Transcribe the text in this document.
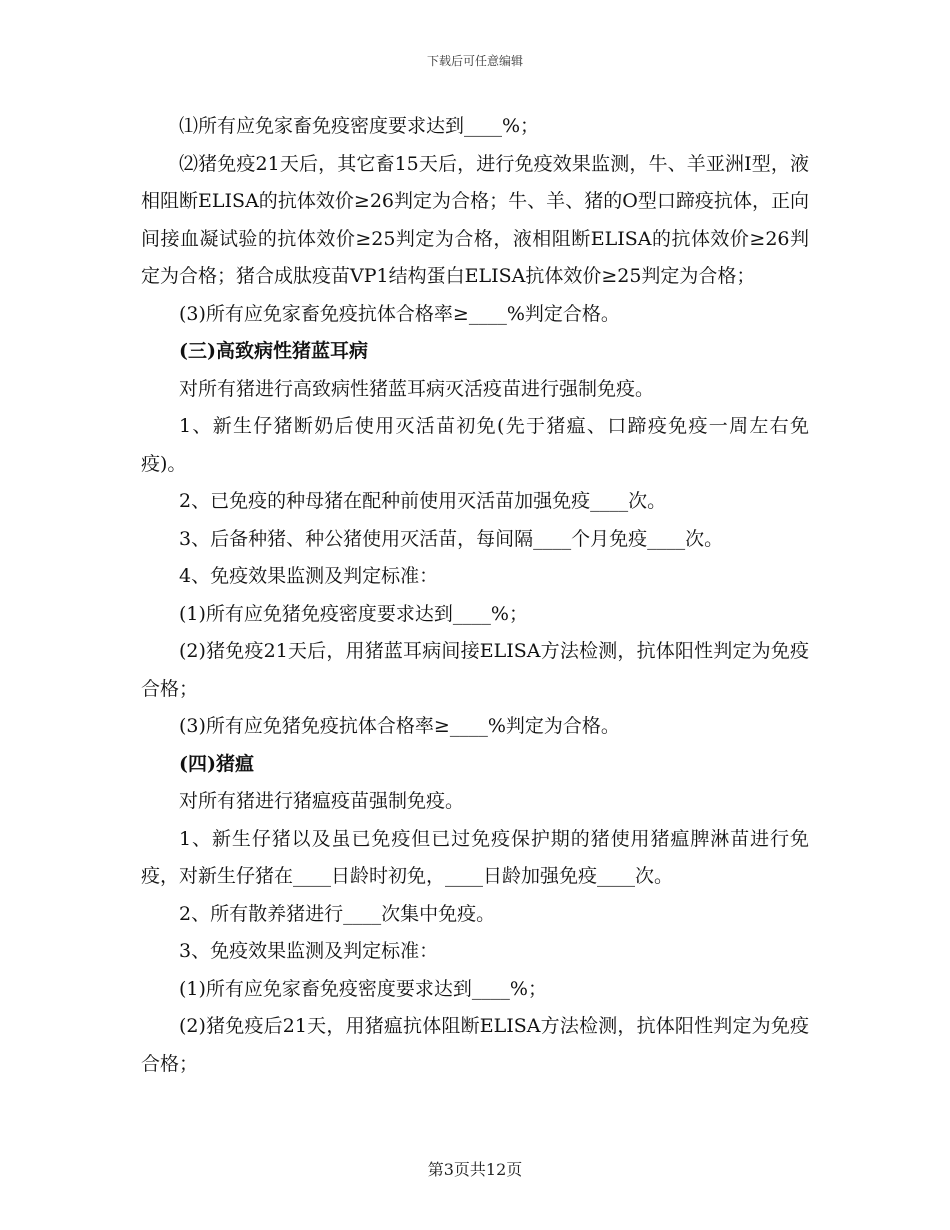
下载后可任意编辑

⑴所有应免家畜免疫密度要求达到____%；

⑵猪免疫21天后，其它畜15天后，进行免疫效果监测，牛、羊亚洲I型，液相阻断ELISA的抗体效价≥26判定为合格；牛、羊、猪的O型口蹄疫抗体，正向间接血凝试验的抗体效价≥25判定为合格，液相阻断ELISA的抗体效价≥26判定为合格；猪合成肽疫苗VP1结构蛋白ELISA抗体效价≥25判定为合格；

(3)所有应免家畜免疫抗体合格率≥____%判定合格。

(三)高致病性猪蓝耳病

对所有猪进行高致病性猪蓝耳病灭活疫苗进行强制免疫。

1、新生仔猪断奶后使用灭活苗初免(先于猪瘟、口蹄疫免疫一周左右免疫)。

2、已免疫的种母猪在配种前使用灭活苗加强免疫____次。

3、后备种猪、种公猪使用灭活苗，每间隔____个月免疫____次。

4、免疫效果监测及判定标准：

(1)所有应免猪免疫密度要求达到____%；

(2)猪免疫21天后，用猪蓝耳病间接ELISA方法检测，抗体阳性判定为免疫合格；

(3)所有应免猪免疫抗体合格率≥____%判定为合格。

(四)猪瘟

对所有猪进行猪瘟疫苗强制免疫。

1、新生仔猪以及虽已免疫但已过免疫保护期的猪使用猪瘟脾淋苗进行免疫，对新生仔猪在____日龄时初免，____日龄加强免疫____次。

2、所有散养猪进行____次集中免疫。

3、免疫效果监测及判定标准：

(1)所有应免家畜免疫密度要求达到____%；

(2)猪免疫后21天，用猪瘟抗体阻断ELISA方法检测，抗体阳性判定为免疫合格；

第3页共12页
